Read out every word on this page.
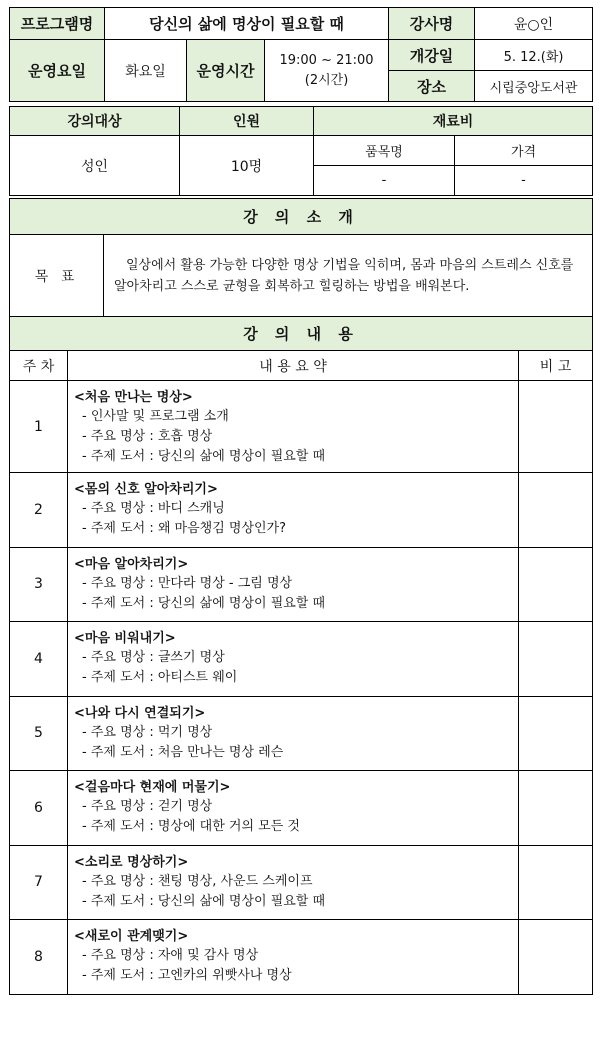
프로그램명	당신의 삶에 명상이 필요할 때			강사명	윤○인
운영요일	화요일	운영시간	19:00 ~ 21:00
(2시간)	개강일	5. 12.(화)
				장소	시립중앙도서관
강의대상	인원	재료비	
성인	10명	품목명	가격
		-	-
강 의 소 개
목 표	일상에서 활용 가능한 다양한 명상 기법을 익히며, 몸과 마음의 스트레스 신호를 알아차리고 스스로 균형을 회복하고 힐링하는 방법을 배워본다.
강 의 내 용		
주 차	내 용 요 약	비 고
1	<처음 만나는 명상>
- 인사말 및 프로그램 소개
- 주요 명상 : 호흡 명상
- 주제 도서 : 당신의 삶에 명상이 필요할 때	

2	<몸의 신호 알아차리기>
- 주요 명상 : 바디 스캐닝
- 주제 도서 : 왜 마음챙김 명상인가?	

3	<마음 알아차리기>
- 주요 명상 : 만다라 명상 - 그림 명상
- 주제 도서 : 당신의 삶에 명상이 필요할 때	

4	<마음 비워내기>
- 주요 명상 : 글쓰기 명상
- 주제 도서 : 아티스트 웨이	

5	<나와 다시 연결되기>
- 주요 명상 : 먹기 명상
- 주제 도서 : 처음 만나는 명상 레슨	

6	<걸음마다 현재에 머물기>
- 주요 명상 : 걷기 명상
- 주제 도서 : 명상에 대한 거의 모든 것	

7	<소리로 명상하기>
- 주요 명상 : 챈팅 명상, 사운드 스케이프
- 주제 도서 : 당신의 삶에 명상이 필요할 때	

8	<새로이 관계맺기>
- 주요 명상 : 자애 및 감사 명상
- 주제 도서 : 고엔카의 위빳사나 명상	
